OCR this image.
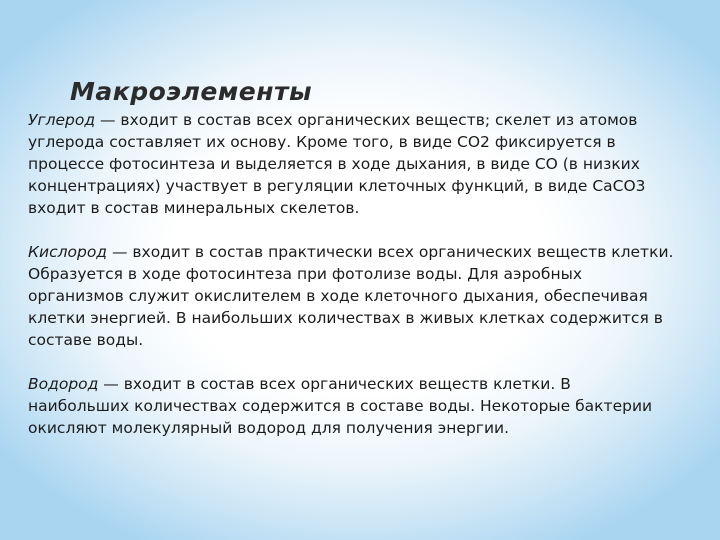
Макроэлементы

Углерод — входит в состав всех органических веществ; скелет из атомов
углерода составляет их основу. Кроме того, в виде СО2 фиксируется в
процессе фотосинтеза и выделяется в ходе дыхания, в виде СО (в низких
концентрациях) участвует в регуляции клеточных функций, в виде СаСО3
входит в состав минеральных скелетов.

Кислород — входит в состав практически всех органических веществ клетки.
Образуется в ходе фотосинтеза при фотолизе воды. Для аэробных
организмов служит окислителем в ходе клеточного дыхания, обеспечивая
клетки энергией. В наибольших количествах в живых клетках содержится в
составе воды.

Водород — входит в состав всех органических веществ клетки. В
наибольших количествах содержится в составе воды. Некоторые бактерии
окисляют молекулярный водород для получения энергии.
